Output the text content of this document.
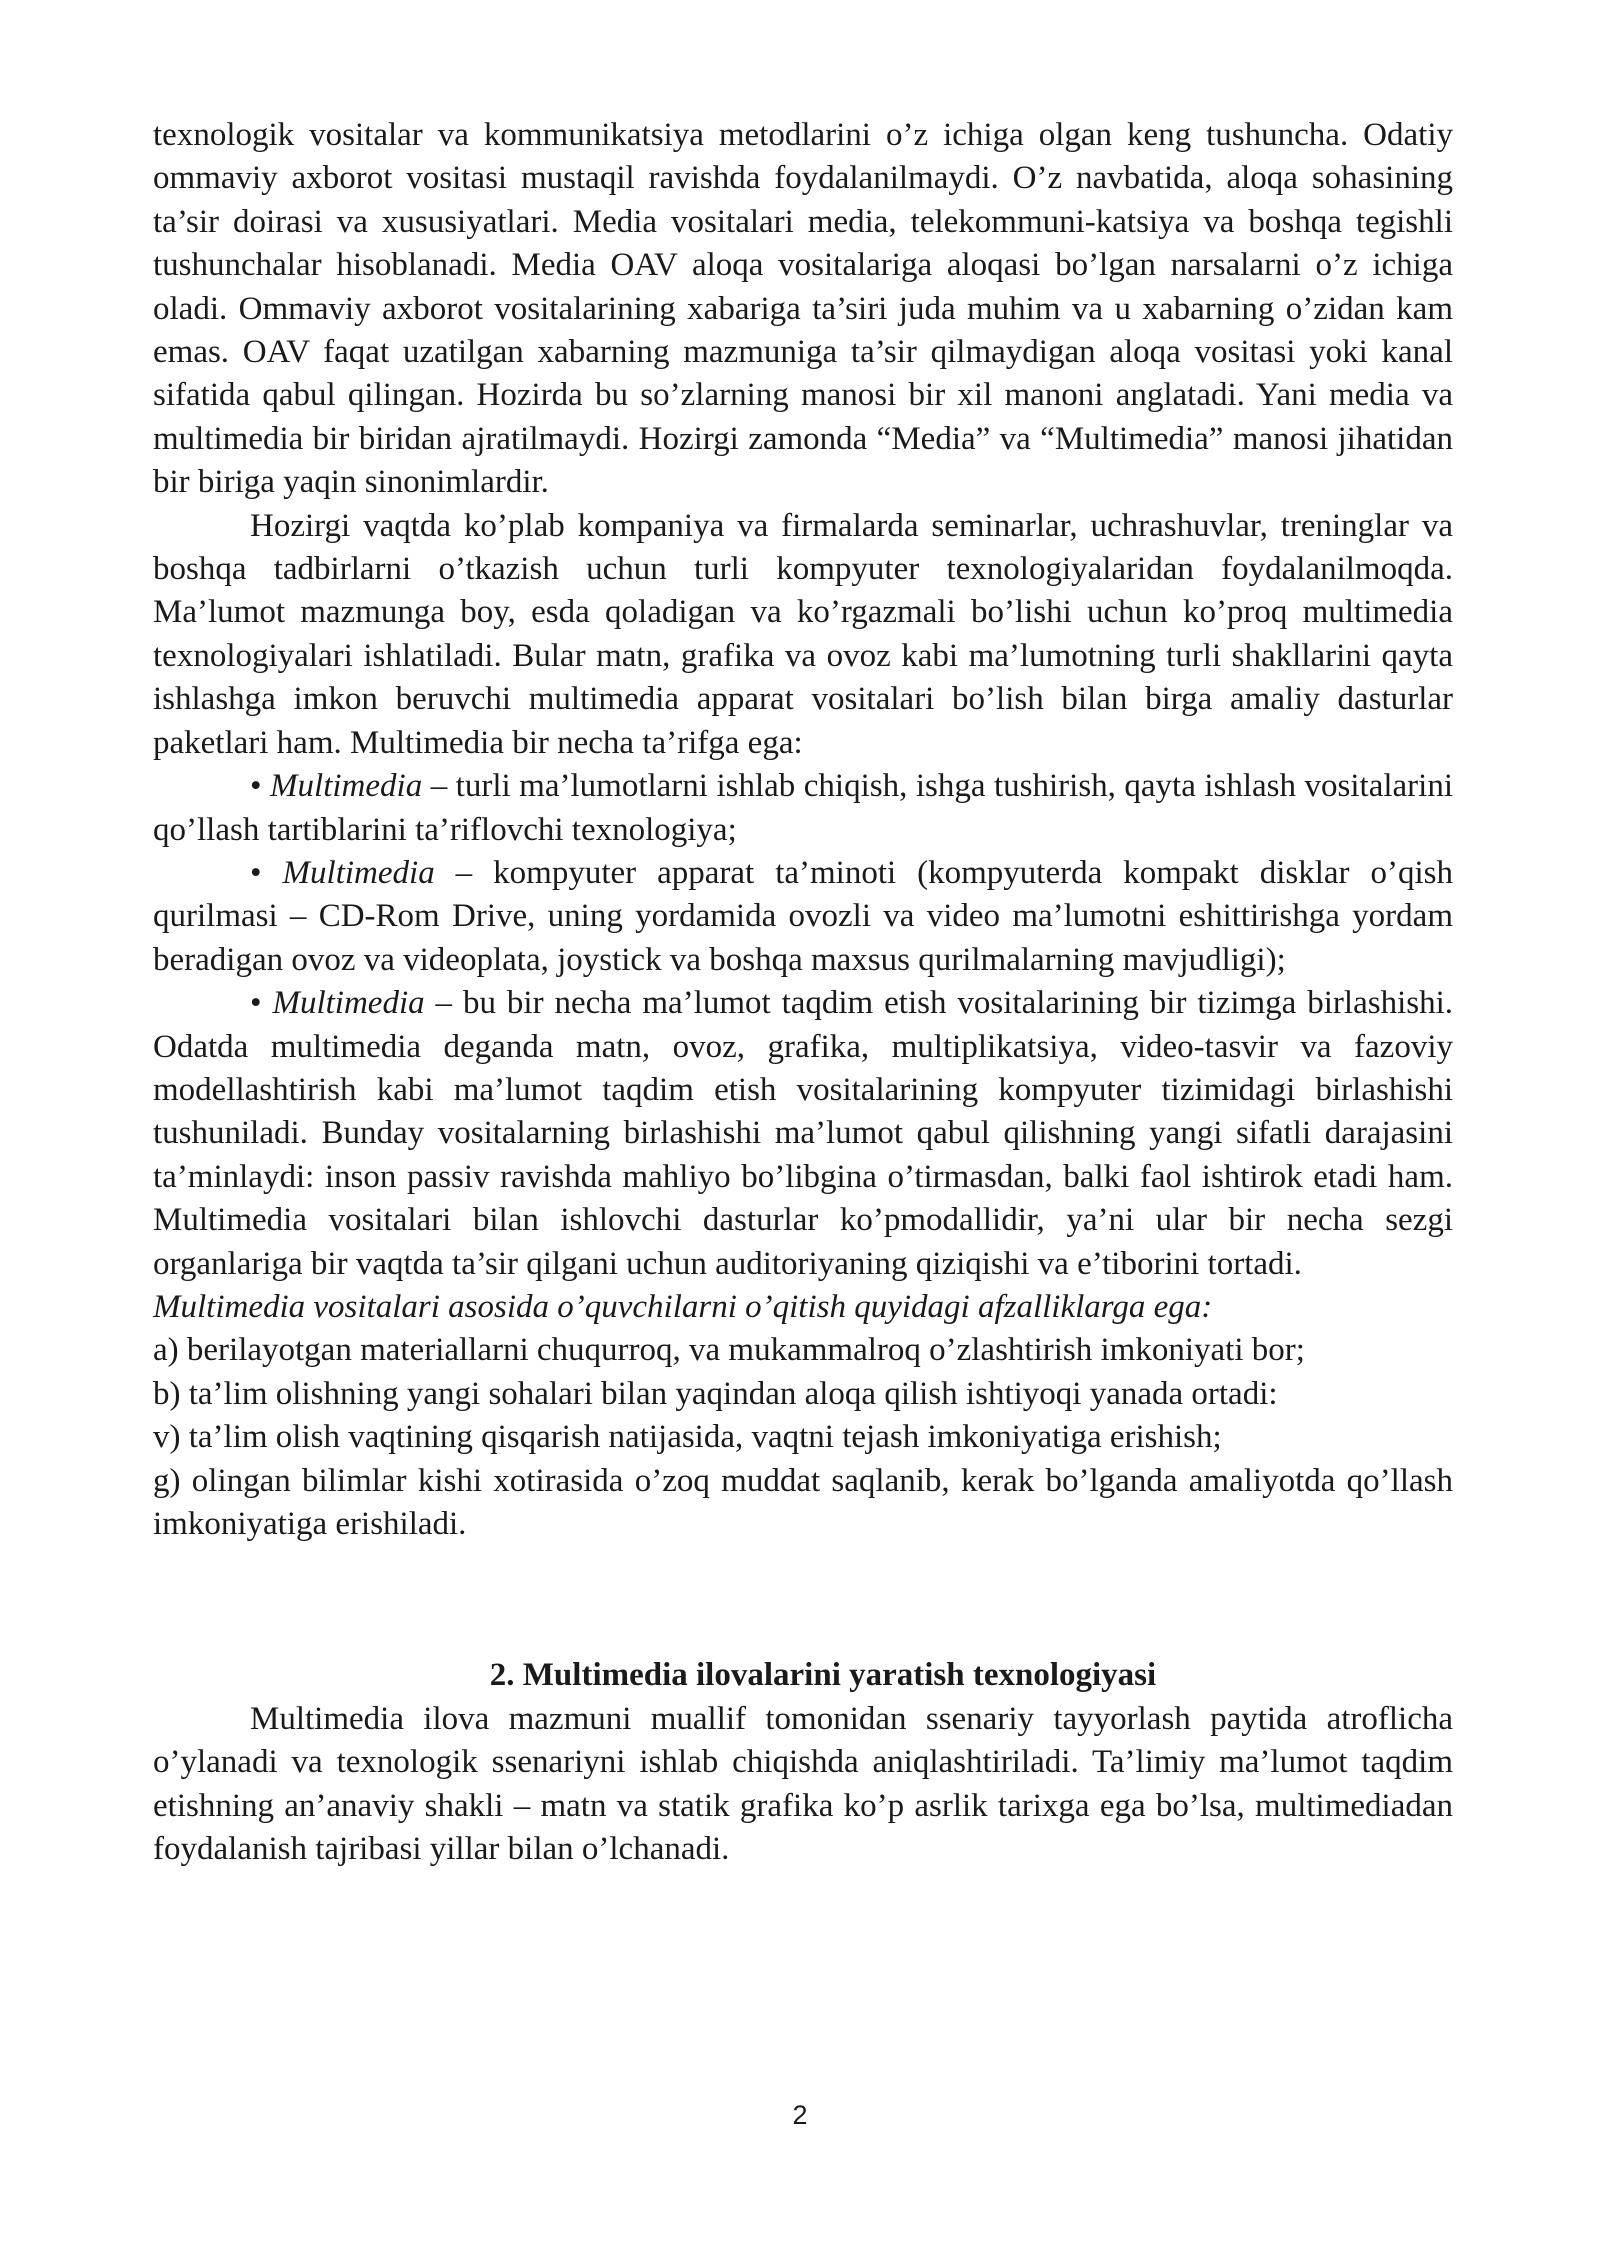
texnologik vositalar va kommunikatsiya metodlarini o’z ichiga olgan keng tushuncha. Odatiy ommaviy axborot vositasi mustaqil ravishda foydalanilmaydi. O’z navbatida, aloqa sohasining ta’sir doirasi va xususiyatlari. Media vositalari media, telekommuni-katsiya va boshqa tegishli tushunchalar hisoblanadi. Media OAV aloqa vositalariga aloqasi bo’lgan narsalarni o’z ichiga oladi. Ommaviy axborot vositalarining xabariga ta’siri juda muhim va u xabarning o’zidan kam emas. OAV faqat uzatilgan xabarning mazmuniga ta’sir qilmaydigan aloqa vositasi yoki kanal sifatida qabul qilingan. Hozirda bu so’zlarning manosi bir xil manoni anglatadi. Yani media va multimedia bir biridan ajratilmaydi. Hozirgi zamonda “Media” va “Multimedia” manosi jihatidan bir biriga yaqin sinonimlardir.

Hozirgi vaqtda ko’plab kompaniya va firmalarda seminarlar, uchrashuvlar, treninglar va boshqa tadbirlarni o’tkazish uchun turli kompyuter texnologiyalaridan foydalanilmoqda. Ma’lumot mazmunga boy, esda qoladigan va ko’rgazmali bo’lishi uchun ko’proq multimedia texnologiyalari ishlatiladi. Bular matn, grafika va ovoz kabi ma’lumotning turli shakllarini qayta ishlashga imkon beruvchi multimedia apparat vositalari bo’lish bilan birga amaliy dasturlar paketlari ham. Multimedia bir necha ta’rifga ega:

• Multimedia – turli ma’lumotlarni ishlab chiqish, ishga tushirish, qayta ishlash vositalarini qo’llash tartiblarini ta’riflovchi texnologiya;

• Multimedia – kompyuter apparat ta’minoti (kompyuterda kompakt disklar o’qish qurilmasi – CD-Rom Drive, uning yordamida ovozli va video ma’lumotni eshittirishga yordam beradigan ovoz va videoplata, joystick va boshqa maxsus qurilmalarning mavjudligi);

• Multimedia – bu bir necha ma’lumot taqdim etish vositalarining bir tizimga birlashishi. Odatda multimedia deganda matn, ovoz, grafika, multiplikatsiya, video-tasvir va fazoviy modellashtirish kabi ma’lumot taqdim etish vositalarining kompyuter tizimidagi birlashishi tushuniladi. Bunday vositalarning birlashishi ma’lumot qabul qilishning yangi sifatli darajasini ta’minlaydi: inson passiv ravishda mahliyo bo’libgina o’tirmasdan, balki faol ishtirok etadi ham. Multimedia vositalari bilan ishlovchi dasturlar ko’pmodallidir, ya’ni ular bir necha sezgi organlariga bir vaqtda ta’sir qilgani uchun auditoriyaning qiziqishi va e’tiborini tortadi.

Multimedia vositalari asosida o’quvchilarni o’qitish quyidagi afzalliklarga ega:

a) berilayotgan materiallarni chuqurroq, va mukammalroq o’zlashtirish imkoniyati bor;

b) ta’lim olishning yangi sohalari bilan yaqindan aloqa qilish ishtiyoqi yanada ortadi:

v) ta’lim olish vaqtining qisqarish natijasida, vaqtni tejash imkoniyatiga erishish;

g) olingan bilimlar kishi xotirasida o’zoq muddat saqlanib, kerak bo’lganda amaliyotda qo’llash imkoniyatiga erishiladi.

2. Multimedia ilovalarini yaratish texnologiyasi

Multimedia ilova mazmuni muallif tomonidan ssenariy tayyorlash paytida atroflicha o’ylanadi va texnologik ssenariyni ishlab chiqishda aniqlashtiriladi. Ta’limiy ma’lumot taqdim etishning an’anaviy shakli – matn va statik grafika ko’p asrlik tarixga ega bo’lsa, multimediadan foydalanish tajribasi yillar bilan o’lchanadi.

2
